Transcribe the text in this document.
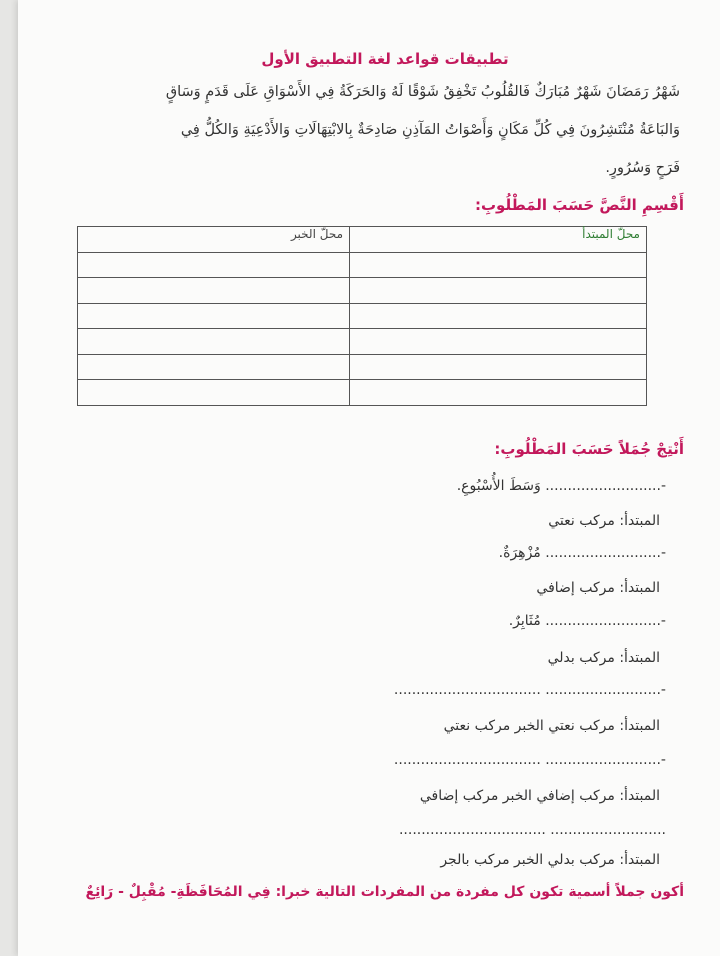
تطبيقات قواعد لغة التطبيق الأول
شَهْرُ رَمَضَانَ شَهْرٌ مُبَارَكٌ فَالقُلُوبُ تَخْفِقُ شَوْقًا لَهُ وَالحَرَكَةُ فِي الأَسْوَاقِ عَلَى قَدَمٍ وَسَاقٍ
وَالبَاعَةُ مُنْتَشِرُونَ فِي كُلِّ مَكَانٍ وَأَصْوَاتُ المَآذِنِ صَادِحَةٌ بِالابْتِهَالَاتِ وَالأَدْعِيَةِ وَالكُلُّ فِي
فَرَحٍ وَسُرُورٍ.
أَقْسِمِ النَّصَّ حَسَبَ المَطْلُوبِ:
محلّ المبتدأ	محلّ الخبر

أَنْتِجْ جُمَلاً حَسَبَ المَطْلُوبِ:
-.......................... وَسَطَ الأُسْبُوعِ.
المبتدأ: مركب نعتي
-.......................... مُزْهِرَةٌ.
المبتدأ: مركب إضافي
-.......................... مُثَابِرٌ.
المبتدأ: مركب بدلي
-.......................... .................................
المبتدأ: مركب نعتي الخبر مركب نعتي
-.......................... .................................
المبتدأ: مركب إضافي الخبر مركب إضافي
.......................... .................................
المبتدأ: مركب بدلي الخبر مركب بالجر
أكون جملاً أسمية تكون كل مفردة من المفردات التالية خبرا: فِي المُحَافَظَةِ- مُقْبِلٌ - رَائِعٌ
